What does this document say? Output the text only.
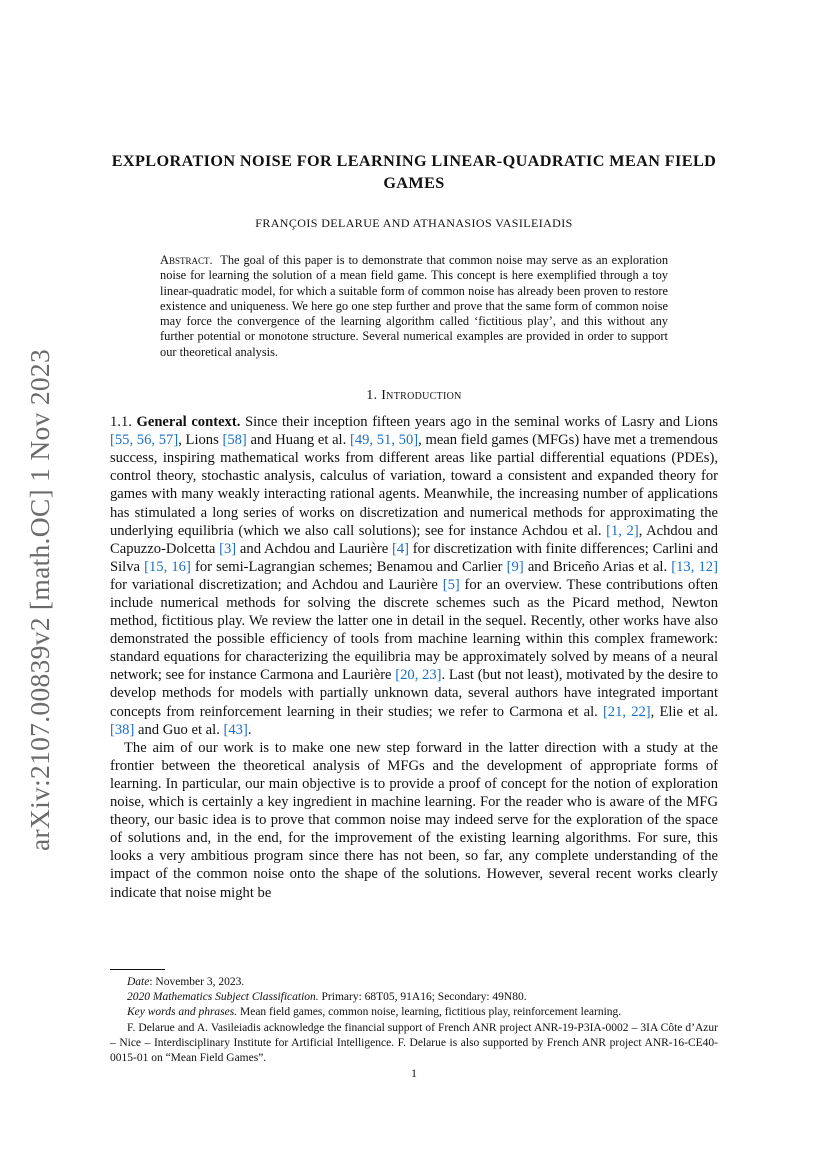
arXiv:2107.00839v2 [math.OC] 1 Nov 2023
EXPLORATION NOISE FOR LEARNING LINEAR-QUADRATIC MEAN FIELD GAMES
FRANÇOIS DELARUE AND ATHANASIOS VASILEIADIS
Abstract. The goal of this paper is to demonstrate that common noise may serve as an exploration noise for learning the solution of a mean field game. This concept is here exemplified through a toy linear-quadratic model, for which a suitable form of common noise has already been proven to restore existence and uniqueness. We here go one step further and prove that the same form of common noise may force the convergence of the learning algorithm called ‘fictitious play’, and this without any further potential or monotone structure. Several numerical examples are provided in order to support our theoretical analysis.
1. Introduction

1.1. General context. Since their inception fifteen years ago in the seminal works of Lasry and Lions [55, 56, 57], Lions [58] and Huang et al. [49, 51, 50], mean field games (MFGs) have met a tremendous success, inspiring mathematical works from different areas like partial differential equations (PDEs), control theory, stochastic analysis, calculus of variation, toward a consistent and expanded theory for games with many weakly interacting rational agents. Meanwhile, the increasing number of applications has stimulated a long series of works on discretization and numerical methods for approximating the underlying equilibria (which we also call solutions); see for instance Achdou et al. [1, 2], Achdou and Capuzzo-Dolcetta [3] and Achdou and Laurière [4] for discretization with finite differences; Carlini and Silva [15, 16] for semi-Lagrangian schemes; Benamou and Carlier [9] and Briceño Arias et al. [13, 12] for variational discretization; and Achdou and Laurière [5] for an overview. These contributions often include numerical methods for solving the discrete schemes such as the Picard method, Newton method, fictitious play. We review the latter one in detail in the sequel. Recently, other works have also demonstrated the possible efficiency of tools from machine learning within this complex framework: standard equations for characterizing the equilibria may be approximately solved by means of a neural network; see for instance Carmona and Laurière [20, 23]. Last (but not least), motivated by the desire to develop methods for models with partially unknown data, several authors have integrated important concepts from reinforcement learning in their studies; we refer to Carmona et al. [21, 22], Elie et al. [38] and Guo et al. [43].

The aim of our work is to make one new step forward in the latter direction with a study at the frontier between the theoretical analysis of MFGs and the development of appropriate forms of learning. In particular, our main objective is to provide a proof of concept for the notion of exploration noise, which is certainly a key ingredient in machine learning. For the reader who is aware of the MFG theory, our basic idea is to prove that common noise may indeed serve for the exploration of the space of solutions and, in the end, for the improvement of the existing learning algorithms. For sure, this looks a very ambitious program since there has not been, so far, any complete understanding of the impact of the common noise onto the shape of the solutions. However, several recent works clearly indicate that noise might be

Date: November 3, 2023.

2020 Mathematics Subject Classification. Primary: 68T05, 91A16; Secondary: 49N80.

Key words and phrases. Mean field games, common noise, learning, fictitious play, reinforcement learning.

F. Delarue and A. Vasileiadis acknowledge the financial support of French ANR project ANR-19-P3IA-0002 – 3IA Côte d’Azur – Nice – Interdisciplinary Institute for Artificial Intelligence. F. Delarue is also supported by French ANR project ANR-16-CE40-0015-01 on “Mean Field Games”.

1
